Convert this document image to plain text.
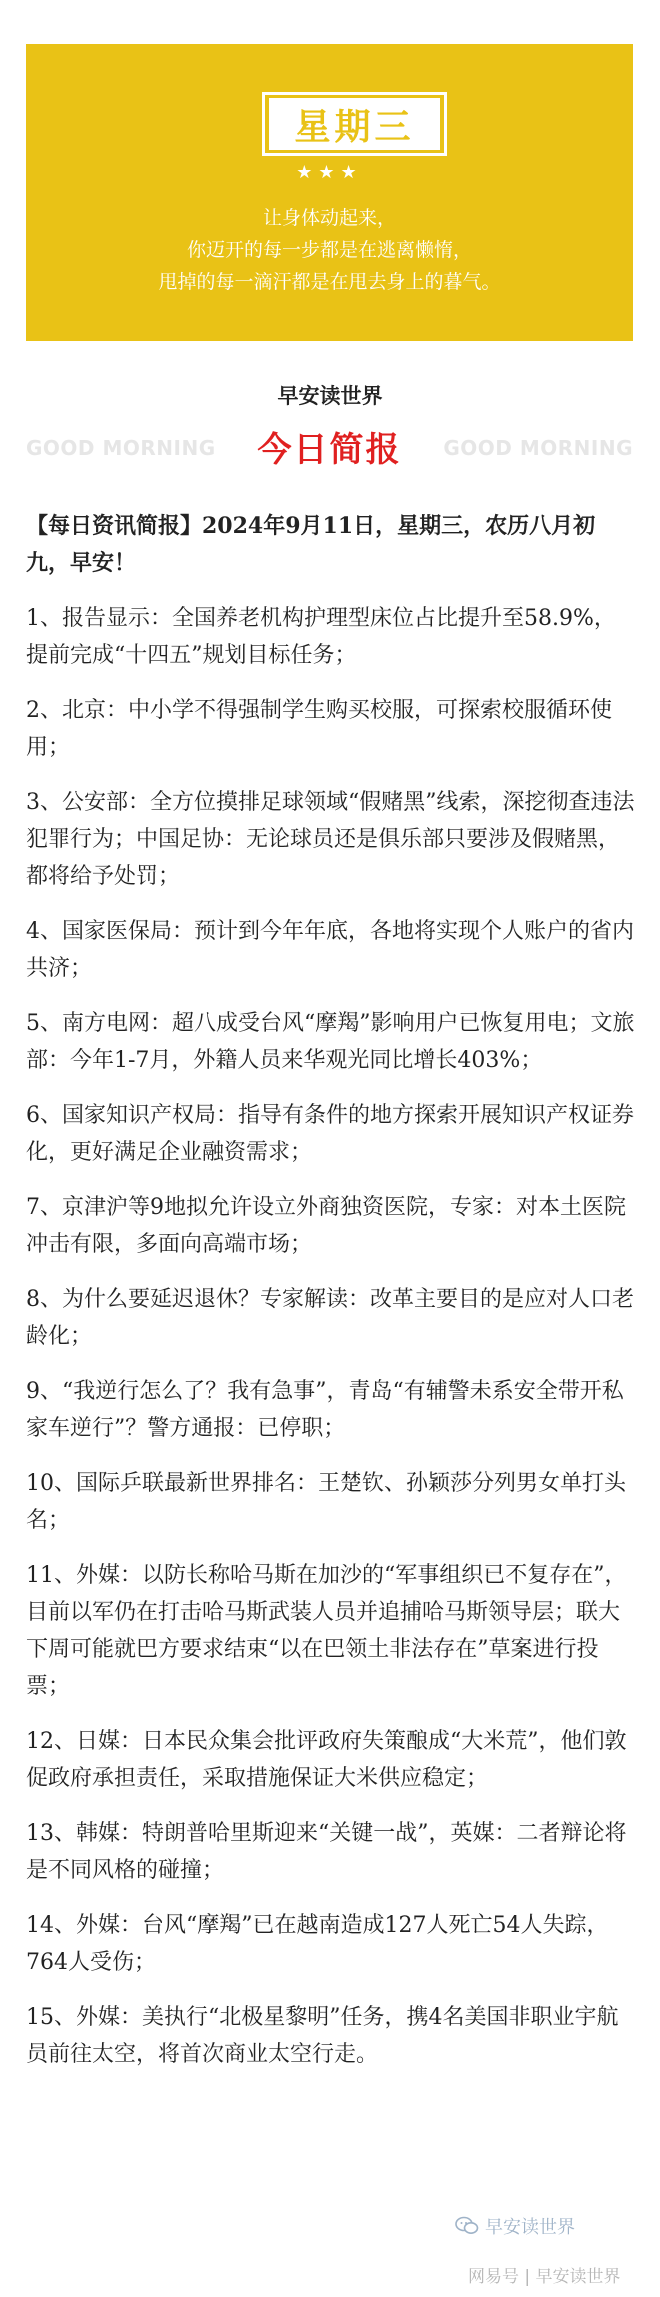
星期三
★★★
让身体动起来，
你迈开的每一步都是在逃离懒惰，
甩掉的每一滴汗都是在甩去身上的暮气。
早安读世界
GOOD MORNING 今日简报	GOOD MORNING

【每日资讯简报】2024年9月11日，星期三，农历八月初九，早安！

1、报告显示：全国养老机构护理型床位占比提升至58.9%，提前完成“十四五”规划目标任务；

2、北京：中小学不得强制学生购买校服，可探索校服循环使用；

3、公安部：全方位摸排足球领域“假赌黑”线索，深挖彻查违法犯罪行为；中国足协：无论球员还是俱乐部只要涉及假赌黑，都将给予处罚；

4、国家医保局：预计到今年年底，各地将实现个人账户的省内共济；

5、南方电网：超八成受台风“摩羯”影响用户已恢复用电；文旅部：今年1-7月，外籍人员来华观光同比增长403%；

6、国家知识产权局：指导有条件的地方探索开展知识产权证券化，更好满足企业融资需求；

7、京津沪等9地拟允许设立外商独资医院，专家：对本土医院冲击有限，多面向高端市场；

8、为什么要延迟退休？专家解读：改革主要目的是应对人口老龄化；

9、“我逆行怎么了？我有急事”，青岛“有辅警未系安全带开私家车逆行”？警方通报：已停职；

10、国际乒联最新世界排名：王楚钦、孙颖莎分列男女单打头名；

11、外媒：以防长称哈马斯在加沙的“军事组织已不复存在”，目前以军仍在打击哈马斯武装人员并追捕哈马斯领导层；联大下周可能就巴方要求结束“以在巴领土非法存在”草案进行投票；

12、日媒：日本民众集会批评政府失策酿成“大米荒”，他们敦促政府承担责任，采取措施保证大米供应稳定；

13、韩媒：特朗普哈里斯迎来“关键一战”，英媒：二者辩论将是不同风格的碰撞；

14、外媒：台风“摩羯”已在越南造成127人死亡54人失踪，764人受伤；

15、外媒：美执行“北极星黎明”任务，携4名美国非职业宇航员前往太空，将首次商业太空行走。

早安读世界
网易号 | 早安读世界
